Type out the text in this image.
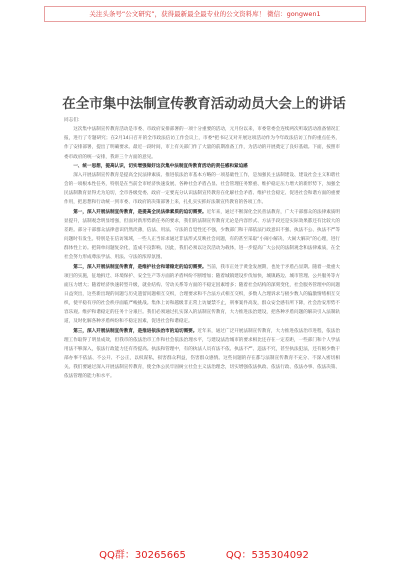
关注头条号“公文研究”，获得最新最全最专业的公文资料库！ 微信：gongwen1
在全市集中法制宣传教育活动动员大会上的讲话

同志们：

这次集中法制宣传教育活动是市委、市政府安排部署的一项十分重要的活动，元月份以来，市委常委会连续两次听取活动准备情况汇报，进行了专题研究；在2月14日召开的全市政法信访工作会议上，市委*把书记又对开展这项活动作为今年政法信访工作的重点任务，作了安排部署，提出了明确要求。最近一段时间，市上有关部门作了大量的前期准备工作，为活动的开展奠定了良好基础。下面，按照市委市政府的统一安排，我讲三个方面的意见。

一、统一思想，提高认识，切实增强做好这次集中法制宣传教育活动的责任感和紧迫感

深入开展法制宣传教育是提高全民法律素质、推进依法治市基本方略的一项基础性工作，是加强民主法制建设、建设社会主义和谐社会的一项根本性任务，特别是在当前全市经济快速发展、各种社会矛盾凸显、社会管理任务繁重、维护稳定压力增大的新形势下，加强全民法制教育显得尤为迫切，全市各级党委、政府一定要充分认识法制宣传教育在化解社会矛盾、维护社会稳定、促进社会和谐方面的重要作用，把思想和行动统一到市委、市政府的决策部署上来，扎扎实实抓好法制宣传教育的各项工作。

第一，深入开展法制宣传教育，是提高全民法律素质的迫切需要。近年来，通过不断深化全民普法教育，广大干部群众的法律素质明显提升，法制观念明显增强，但面对新形势新任务的要求，我们的法制宣传教育无论是内容形式、方法手段还是实际效果都还有比较大的差距。部分干部群众法律意识仍然淡薄，信法、用法、守法的自觉性还不强，少数部门和干部依法行政意识不强、执法不公、执法不严等问题时有发生。特别是在信访领域，一些人正当诉求通过非法形式反映社会问题，有的甚至采取“小闹小解决、大闹大解决”的心理，进行群体性上访。把简单问题复杂化，造成不良影响。因此，我们必须以这次活动为载体，进一步提高广大公民的法制观念和法律素质，在全社会努力形成尊法学法、用法、守法的浓厚氛围。

第二，深入开展法制宣传教育，是维护社会和谐稳定的迫切需要。当前，我市正处于黄金发展期，也处于矛盾凸显期。随着一批重大项目的实施，征地拆迁、环境保护、安全生产等方面的矛盾纠纷不断增加；随着城镇建设步伐加快，城镇路边、城市管理、公共服务等方面压力增大；随着经济快速转型升级，就业结构、劳动关系等方面的不稳定因素增多；随着社会结构的深刻变化，社会服务管理中的问题日益突出，这些新出现的问题与历史遗留问题相互交织，合理要求和不合法方式相互交织，多数人合理诉求与极少数人的偏激情绪相互交织，使平稳有序的社会秩序面临严峻挑战。集体上访和越级非正常上访屡禁不止，刑事案件高发，群众安全感有所下降，社会治安形势不容乐观。维护和谐稳定的任务十分艰巨。我们必须通过扎实深入的法制宣传教育，大力推进法治建设，把各种矛盾问题的解决引入法制轨道，及时化解各种矛盾纠纷和不稳定因素，促进社会和谐稳定。

第三，深入开展法制宣传教育，是推进依法治市的迫切需要。近年来，通过广泛开展法制宣传教育，大力推进依法治市进程，依法治理工作取得了明显成效，但我市的依法治市工作和社会依法治理水平，与建设法治城市的要求相比还存在一定差距，一些部门和个人学法用法不够深入，依法行政能力还有待提高。执法和管理中，有的执法人员有法不依、执法不严、违法不究，甚至执法犯法，还有极少数干部办事不依法、不公开、不公正，以权谋私，损害群众利益，伤害群众感情。这些问题的存在都与法制宣传教育不充分、不深入密切相关。我们要通过深入开展法制宣传教育，使全体公民牢固树立社会主义法治理念，切实增强依法执政、依法行政、依法办事、依法决策、依法管理的能力和水平。

QQ群：30265665	QQ：535304092
